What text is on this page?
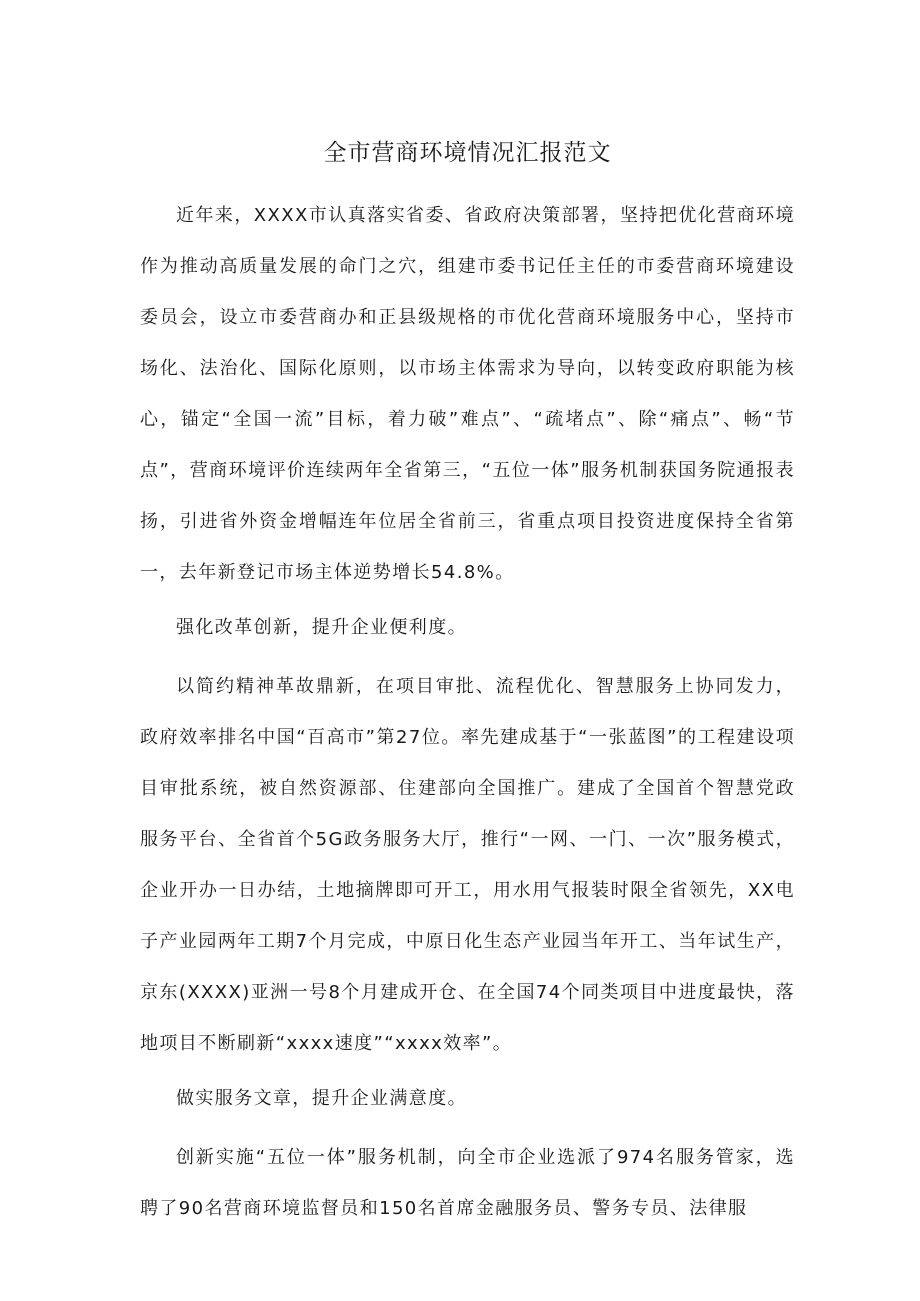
全市营商环境情况汇报范文

近年来，XXXX市认真落实省委、省政府决策部署，坚持把优化营商环境作为推动高质量发展的命门之穴，组建市委书记任主任的市委营商环境建设委员会，设立市委营商办和正县级规格的市优化营商环境服务中心，坚持市场化、法治化、国际化原则，以市场主体需求为导向，以转变政府职能为核心，锚定“全国一流”目标，着力破”难点”、“疏堵点”、除“痛点”、畅“节点”，营商环境评价连续两年全省第三，“五位一体”服务机制获国务院通报表扬，引进省外资金增幅连年位居全省前三，省重点项目投资进度保持全省第一，去年新登记市场主体逆势增长54.8%。

强化改革创新，提升企业便利度。

以简约精神革故鼎新，在项目审批、流程优化、智慧服务上协同发力，政府效率排名中国“百高市”第27位。率先建成基于“一张蓝图”的工程建设项目审批系统，被自然资源部、住建部向全国推广。建成了全国首个智慧党政服务平台、全省首个5G政务服务大厅，推行“一网、一门、一次”服务模式，企业开办一日办结，土地摘牌即可开工，用水用气报装时限全省领先，XX电子产业园两年工期7个月完成，中原日化生态产业园当年开工、当年试生产，京东(XXXX)亚洲一号8个月建成开仓、在全国74个同类项目中进度最快，落地项目不断刷新“xxxx速度”“xxxx效率”。

做实服务文章，提升企业满意度。

创新实施“五位一体”服务机制，向全市企业选派了974名服务管家，选聘了90名营商环境监督员和150名首席金融服务员、警务专员、法律服
